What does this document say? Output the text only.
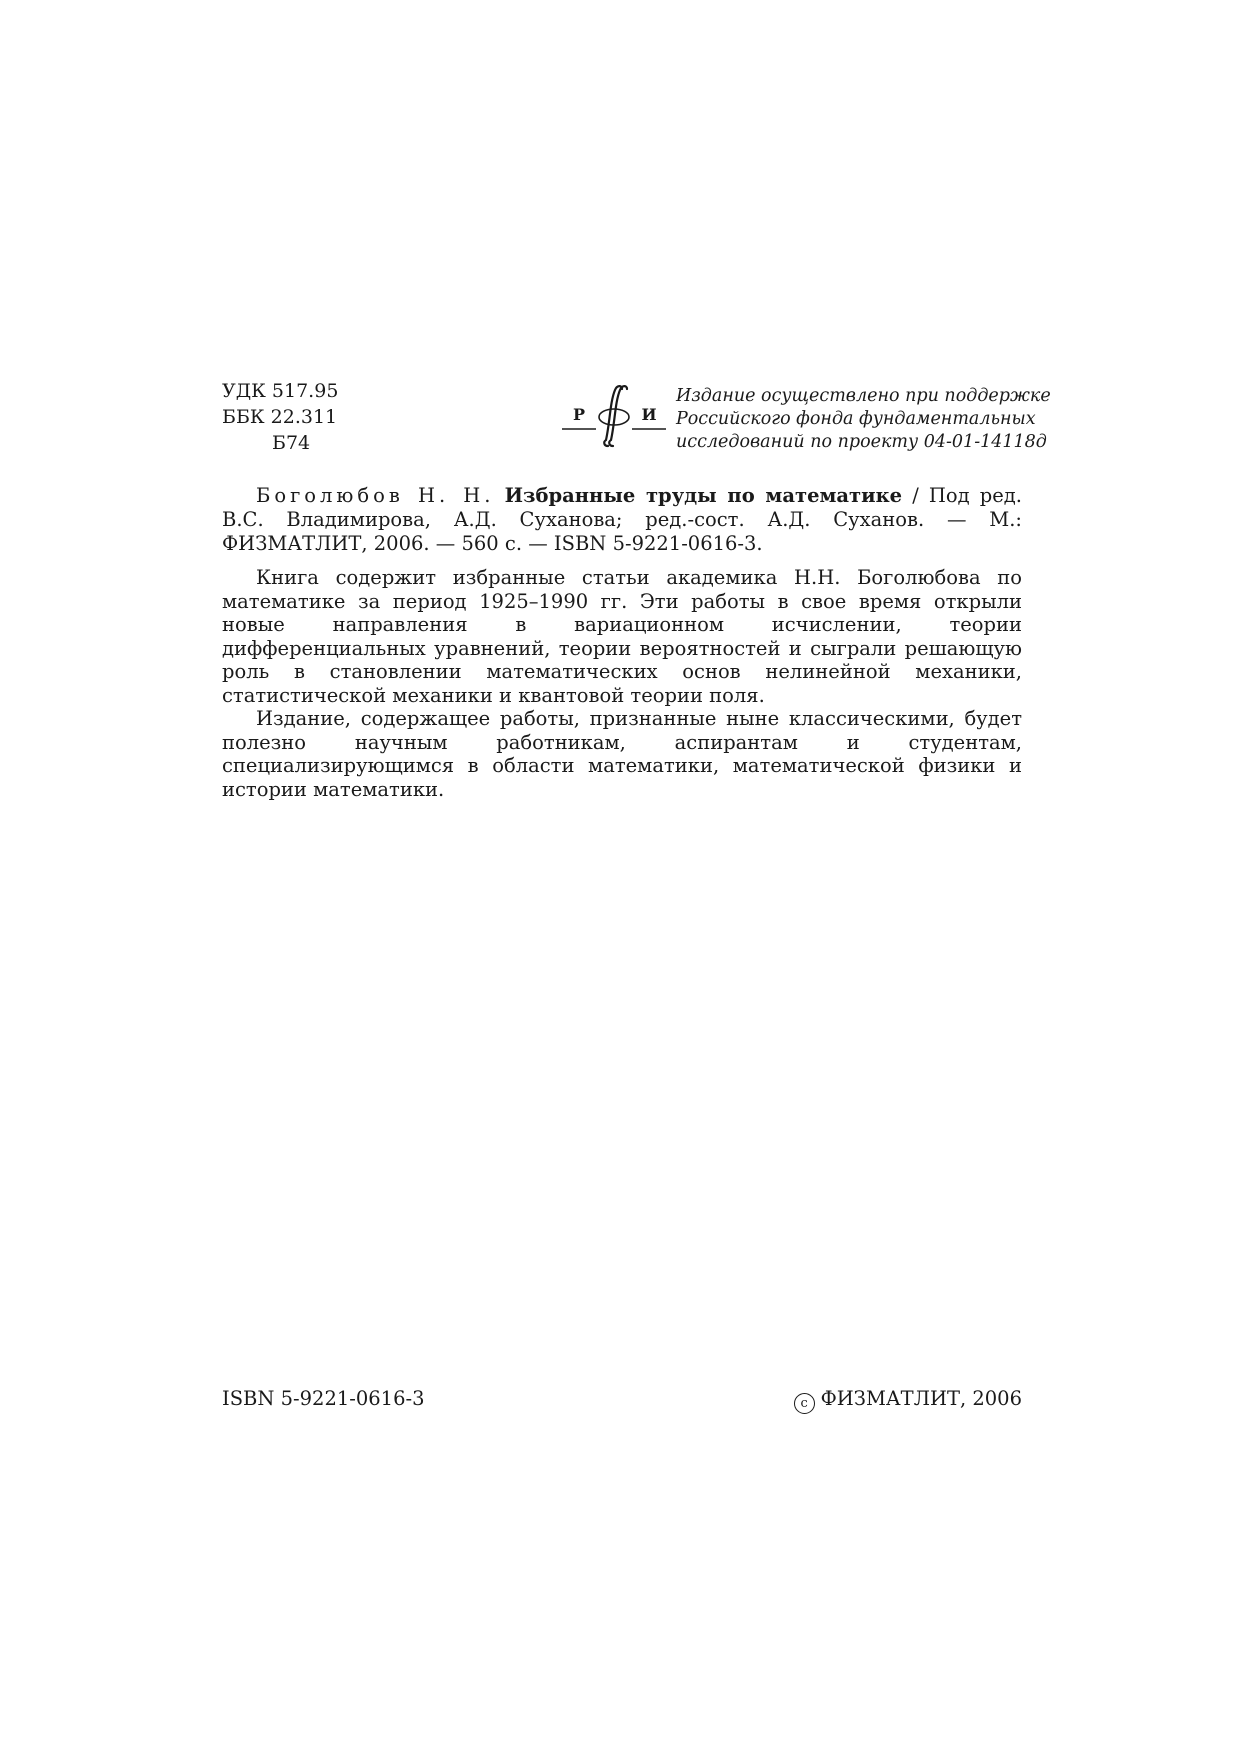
УДК 517.95
ББК 22.311
Б74
Р	И
Издание осуществлено при поддержке
Российского фонда фундаментальных
исследований по проекту 04-01-14118д
Боголюбов Н. Н. Избранные труды по математике / Под ред. В.С. Владимирова, А.Д. Суханова; ред.-сост. А.Д. Суханов. — М.: ФИЗМАТЛИТ, 2006. — 560 с. — ISBN 5-9221-0616-3.

Книга содержит избранные статьи академика Н.Н. Боголюбова по математике за период 1925–1990 гг. Эти работы в свое время открыли новые направления в вариационном исчислении, теории дифференциальных уравнений, теории вероятностей и сыграли решающую роль в становлении математических основ нелинейной механики, статистической механики и квантовой теории поля.

Издание, содержащее работы, признанные ныне классическими, будет полезно научным работникам, аспирантам и студентам, специализирующимся в области математики, математической физики и истории математики.

ISBN 5-9221-0616-3	c ФИЗМАТЛИТ, 2006
